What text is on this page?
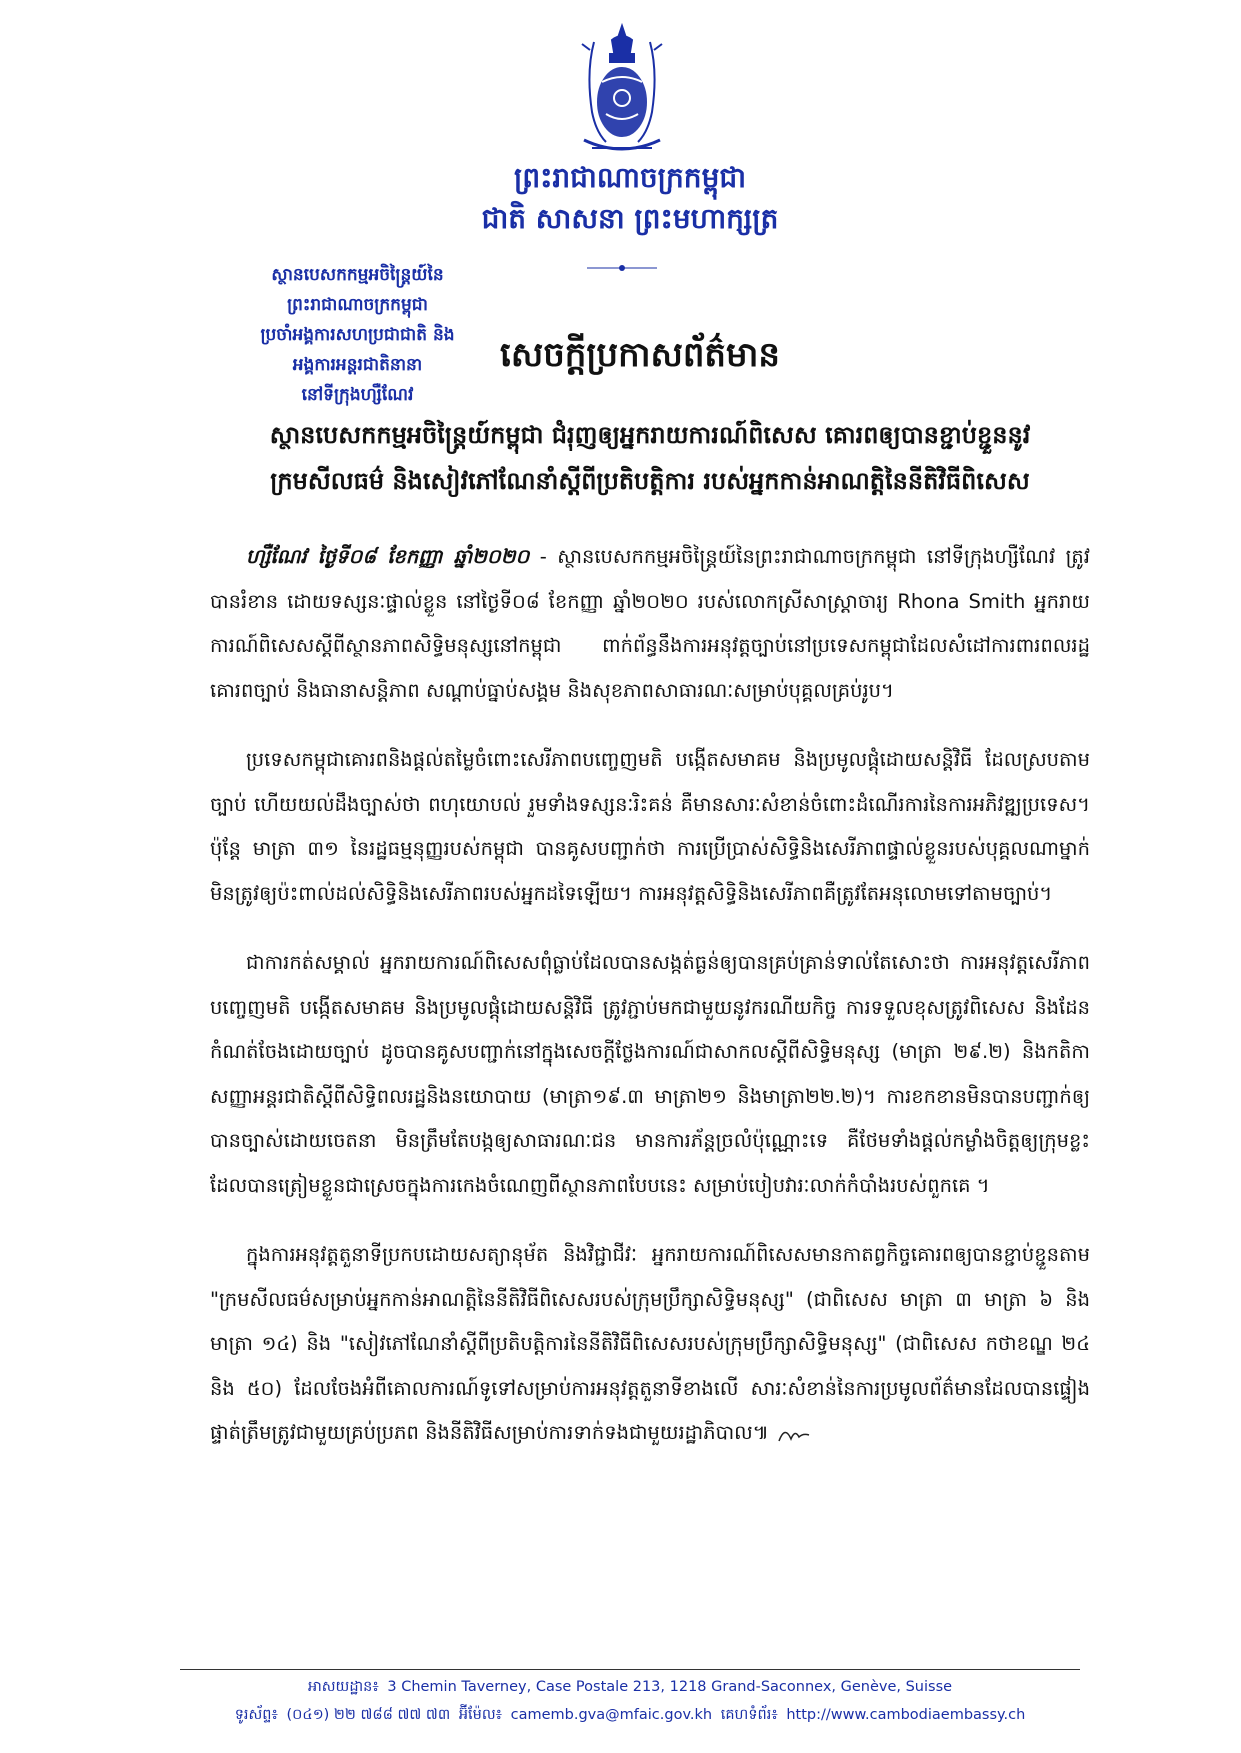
ព្រះរាជាណាចក្រកម្ពុជា
ជាតិ សាសនា ព្រះមហាក្សត្រ
ស្ថានបេសកកម្មអចិន្ត្រៃយ៍នៃព្រះរាជាណាចក្រកម្ពុជា
ប្រចាំអង្គការសហប្រជាជាតិ និងអង្គការអន្តរជាតិនានា
នៅទីក្រុងហ្សឺណែវ
សេចក្តីប្រកាសព័ត៌មាន
ស្ថានបេសកកម្មអចិន្ត្រៃយ៍កម្ពុជា ជំរុញឲ្យអ្នករាយការណ៍ពិសេស គោរពឲ្យបានខ្ជាប់ខ្ជួននូវ
ក្រមសីលធម៌ និងសៀវភៅណែនាំស្តីពីប្រតិបត្តិការ របស់អ្នកកាន់អាណត្តិនៃនីតិវិធីពិសេស

ហ្សឺណែវ ថ្ងៃទី០៨ ខែកញ្ញា ឆ្នាំ២០២០ - ស្ថានបេសកកម្មអចិន្ត្រៃយ៍នៃព្រះរាជាណាចក្រកម្ពុជា នៅទីក្រុងហ្សឺណែវ ត្រូវបានរំខាន ដោយទស្សនៈផ្ទាល់ខ្លួន នៅថ្ងៃទី០៨ ខែកញ្ញា ឆ្នាំ២០២០ របស់លោកស្រីសាស្ត្រាចារ្យ Rhona Smith អ្នករាយការណ៍ពិសេសស្តីពីស្ថានភាពសិទ្ធិមនុស្សនៅកម្ពុជា ពាក់ព័ន្ធនឹងការអនុវត្តច្បាប់នៅប្រទេសកម្ពុជាដែលសំដៅការពារពលរដ្ឋគោរពច្បាប់ និងធានាសន្តិភាព សណ្តាប់ធ្នាប់សង្គម និងសុខភាពសាធារណៈសម្រាប់បុគ្គលគ្រប់រូប។

ប្រទេសកម្ពុជាគោរពនិងផ្តល់តម្លៃចំពោះសេរីភាពបញ្ចេញមតិ បង្កើតសមាគម និងប្រមូលផ្តុំដោយសន្តិវិធី ដែលស្របតាមច្បាប់ ហើយយល់ដឹងច្បាស់ថា ពហុយោបល់ រួមទាំងទស្សនៈរិះគន់ គឺមានសារៈសំខាន់ចំពោះដំណើរការនៃការអភិវឌ្ឍប្រទេស។ ប៉ុន្តែ មាត្រា ៣១ នៃរដ្ឋធម្មនុញ្ញរបស់កម្ពុជា បានគូសបញ្ជាក់ថា ការប្រើប្រាស់សិទ្ធិនិងសេរីភាពផ្ទាល់ខ្លួនរបស់បុគ្គលណាម្នាក់ មិនត្រូវឲ្យប៉ះពាល់ដល់សិទ្ធិនិងសេរីភាពរបស់អ្នកដទៃឡើយ។ ការអនុវត្តសិទ្ធិនិងសេរីភាពគឺត្រូវតែអនុលោមទៅតាមច្បាប់។

ជាការកត់សម្គាល់ អ្នករាយការណ៍ពិសេសពុំធ្លាប់ដែលបានសង្កត់ធ្ងន់ឲ្យបានគ្រប់គ្រាន់ទាល់តែសោះថា ការអនុវត្តសេរីភាពបញ្ចេញមតិ បង្កើតសមាគម និងប្រមូលផ្តុំដោយសន្តិវិធី ត្រូវភ្ជាប់មកជាមួយនូវករណីយកិច្ច ការទទួលខុសត្រូវពិសេស និងដែនកំណត់ចែងដោយច្បាប់ ដូចបានគូសបញ្ជាក់នៅក្នុងសេចក្តីថ្លែងការណ៍ជាសាកលស្តីពីសិទ្ធិមនុស្ស (មាត្រា ២៩.២) និងកតិកាសញ្ញាអន្តរជាតិស្តីពីសិទ្ធិពលរដ្ឋនិងនយោបាយ (មាត្រា១៩.៣ មាត្រា២១ និងមាត្រា២២.២)។ ការខកខានមិនបានបញ្ជាក់ឲ្យបានច្បាស់ដោយចេតនា មិនត្រឹមតែបង្កឲ្យសាធារណៈជន មានការភ័ន្តច្រលំប៉ុណ្ណោះទេ គឺថែមទាំងផ្តល់កម្លាំងចិត្តឲ្យក្រុមខ្លះ ដែលបានត្រៀមខ្លួនជាស្រេចក្នុងការកេងចំណេញពីស្ថានភាពបែបនេះ សម្រាប់បៀបវារៈលាក់កំបាំងរបស់ពួកគេ ។

ក្នុងការអនុវត្តតួនាទីប្រកបដោយសត្យានុម័ត និងវិជ្ជាជីវៈ អ្នករាយការណ៍ពិសេសមានកាតព្វកិច្ចគោរពឲ្យបានខ្ជាប់ខ្ជួនតាម "ក្រមសីលធម៌សម្រាប់អ្នកកាន់អាណត្តិនៃនីតិវិធីពិសេសរបស់ក្រុមប្រឹក្សាសិទ្ធិមនុស្ស" (ជាពិសេស មាត្រា ៣ មាត្រា ៦ និងមាត្រា ១៤) និង "សៀវភៅណែនាំស្តីពីប្រតិបត្តិការនៃនីតិវិធីពិសេសរបស់ក្រុមប្រឹក្សាសិទ្ធិមនុស្ស" (ជាពិសេស កថាខណ្ឌ ២៤ និង ៥០) ដែលចែងអំពីគោលការណ៍ទូទៅសម្រាប់ការអនុវត្តតួនាទីខាងលើ សារៈសំខាន់នៃការប្រមូលព័ត៌មានដែលបានផ្ទៀងផ្ទាត់ត្រឹមត្រូវជាមួយគ្រប់ប្រភព និងនីតិវិធីសម្រាប់ការទាក់ទងជាមួយរដ្ឋាភិបាល៕

អាសយដ្ឋាន៖ 3 Chemin Taverney, Case Postale 213, 1218 Grand-Saconnex, Genève, Suisse
ទូរស័ព្ទ៖ (០៤១) ២២ ៧៨៨ ៧៧ ៧៣ អ៊ីម៉ែល៖ camemb.gva@mfaic.gov.kh គេហទំព័រ៖ http://www.cambodiaembassy.ch
